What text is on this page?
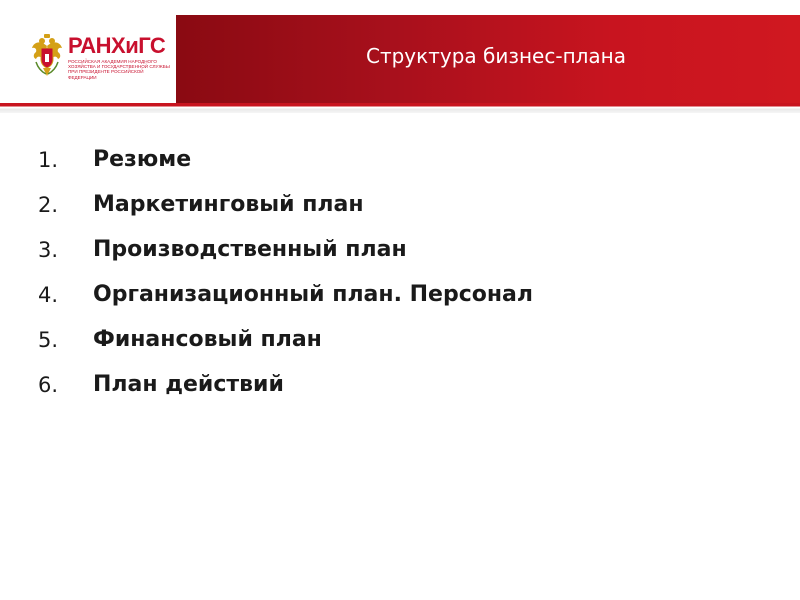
РАНХиГС
РОССИЙСКАЯ АКАДЕМИЯ НАРОДНОГО ХОЗЯЙСТВА И ГОСУДАРСТВЕННОЙ СЛУЖБЫ ПРИ ПРЕЗИДЕНТЕ РОССИЙСКОЙ ФЕДЕРАЦИИ
Структура бизнес-плана
1. Резюме
2. Маркетинговый план
3. Производственный план
4. Организационный план. Персонал
5. Финансовый план
6. План действий
